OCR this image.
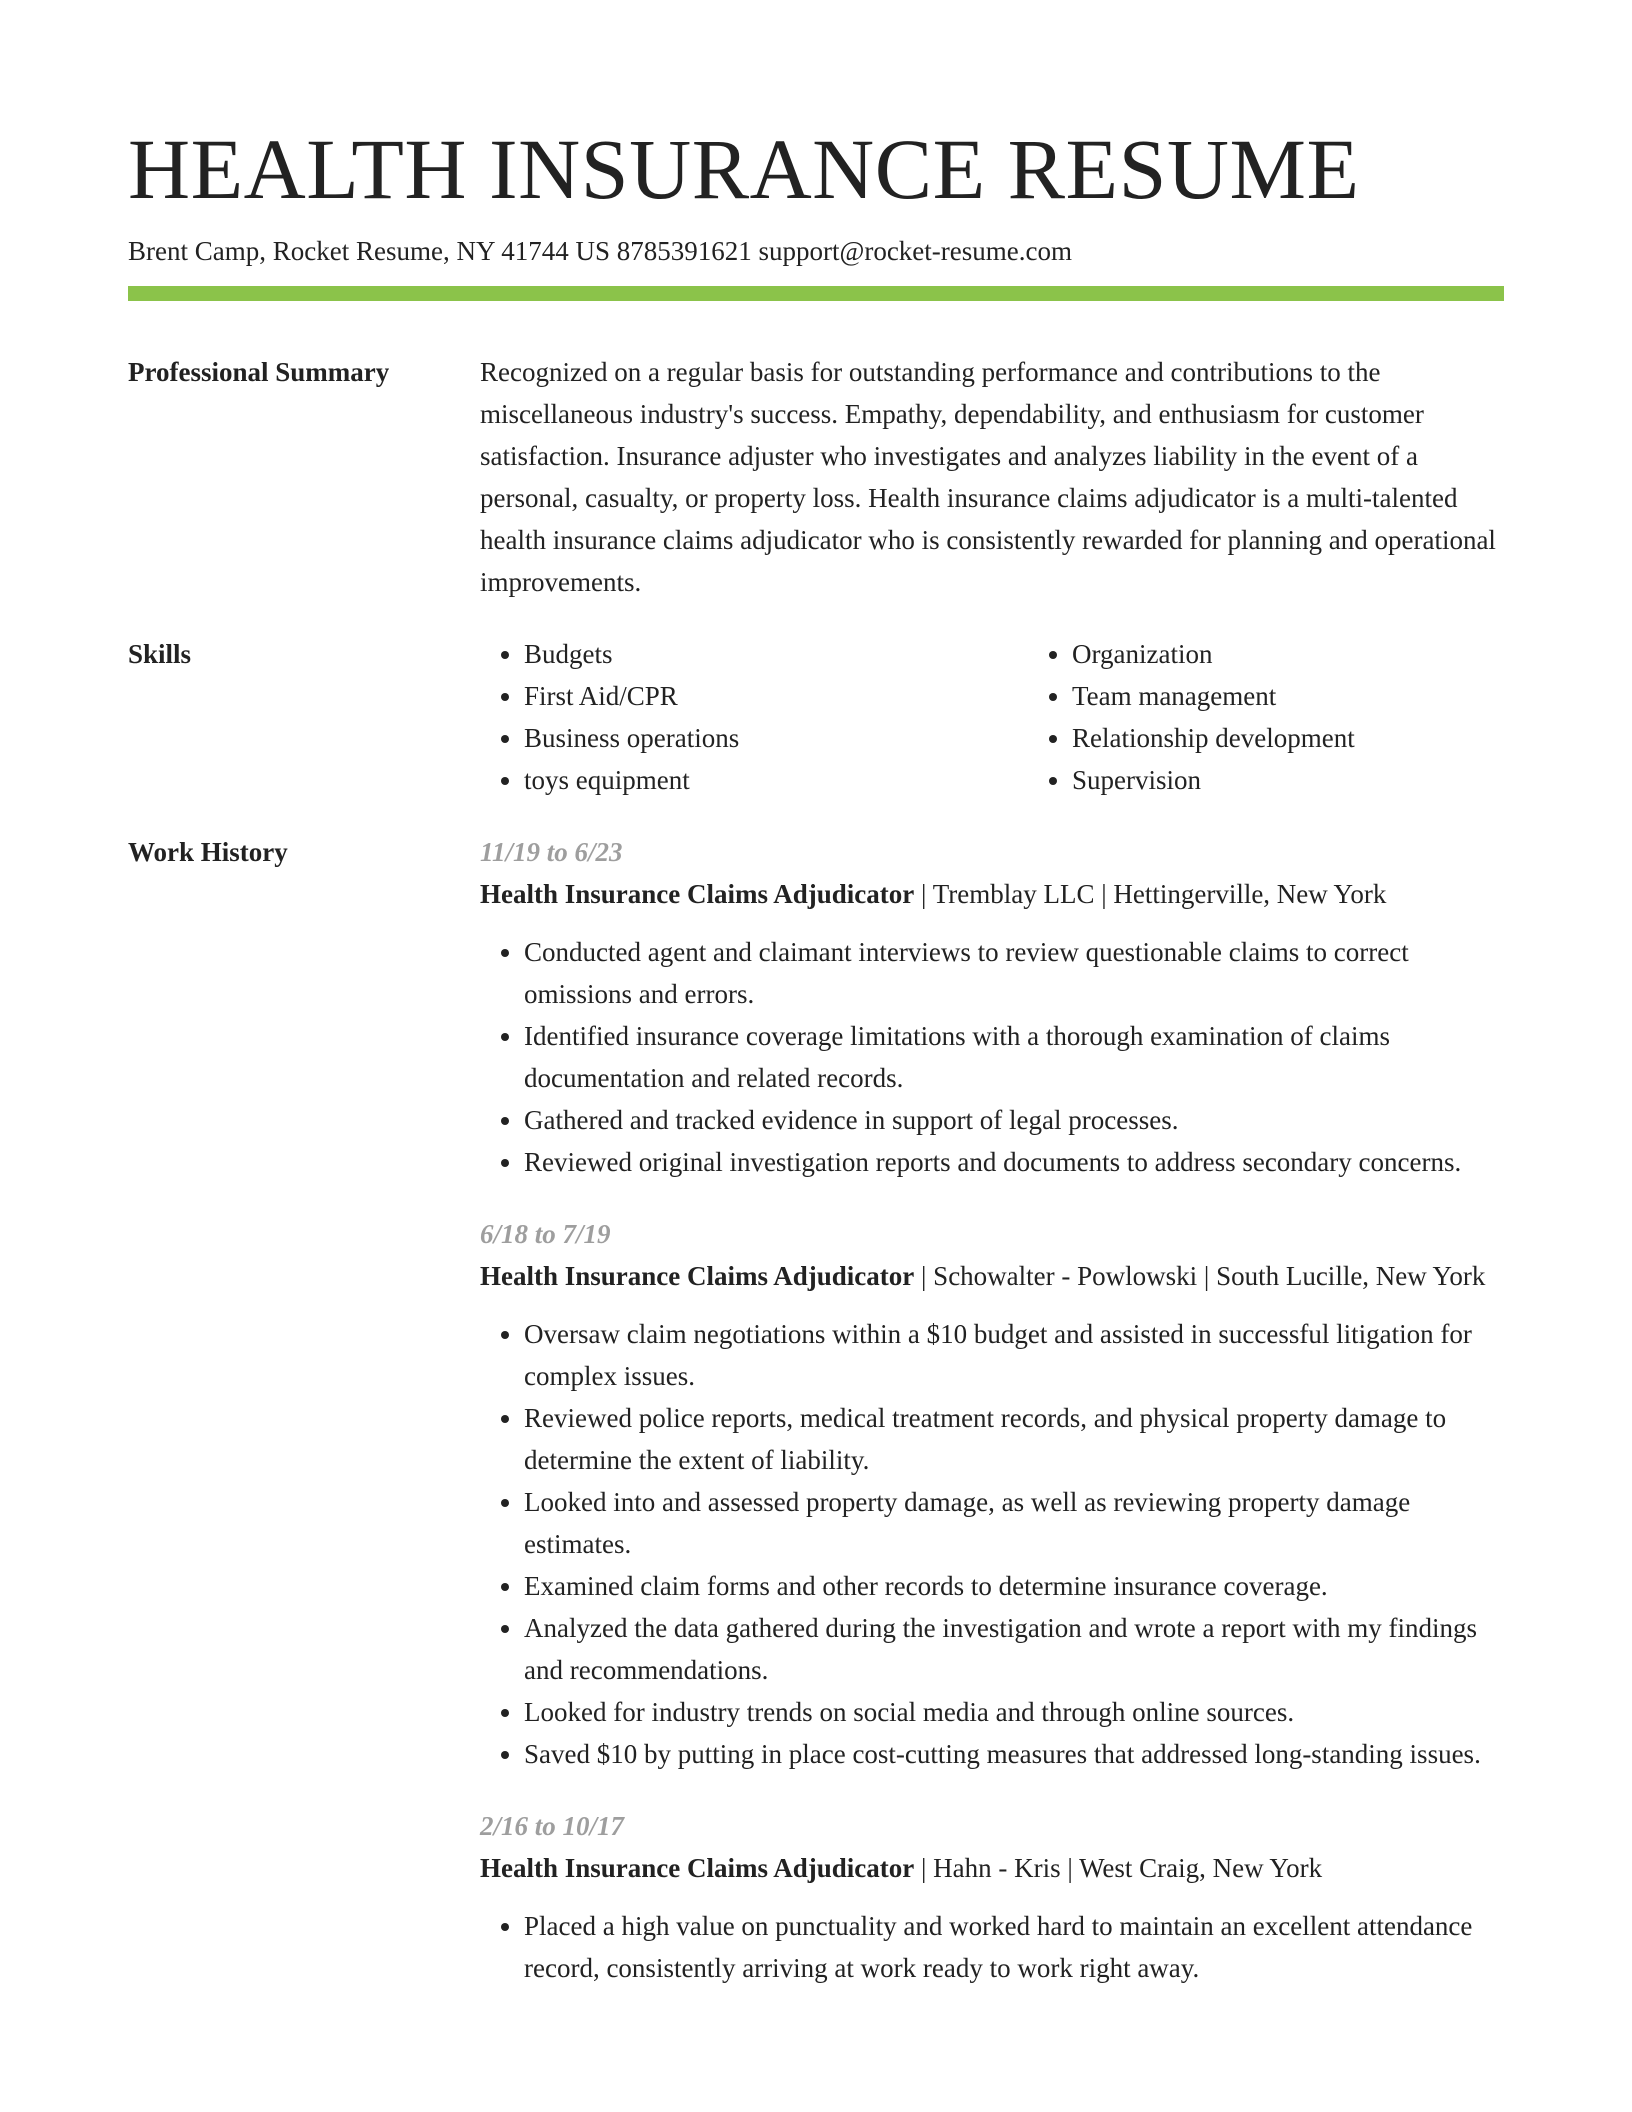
HEALTH INSURANCE RESUME
Brent Camp, Rocket Resume, NY 41744 US 8785391621 support@rocket-resume.com
Professional Summary	Recognized on a regular basis for outstanding performance and contributions to the miscellaneous industry's success. Empathy, dependability, and enthusiasm for customer satisfaction. Insurance adjuster who investigates and analyzes liability in the event of a personal, casualty, or property loss. Health insurance claims adjudicator is a multi-talented health insurance claims adjudicator who is consistently rewarded for planning and operational improvements.

Skills
•	Budgets
• First Aid/CPR
• Business operations
• toys equipment
• Organization
• Team management
• Relationship development
• Supervision
Work History	11/19 to 6/23
Health Insurance Claims Adjudicator | Tremblay LLC | Hettingerville, New York
• Conducted agent and claimant interviews to review questionable claims to correct omissions and errors.
• Identified insurance coverage limitations with a thorough examination of claims documentation and related records.
• Gathered and tracked evidence in support of legal processes.
• Reviewed original investigation reports and documents to address secondary concerns.
6/18 to 7/19
Health Insurance Claims Adjudicator | Schowalter - Powlowski | South Lucille, New York
• Oversaw claim negotiations within a $10 budget and assisted in successful litigation for complex issues.
• Reviewed police reports, medical treatment records, and physical property damage to determine the extent of liability.
• Looked into and assessed property damage, as well as reviewing property damage estimates.
• Examined claim forms and other records to determine insurance coverage.
• Analyzed the data gathered during the investigation and wrote a report with my findings and recommendations.
• Looked for industry trends on social media and through online sources.
• Saved $10 by putting in place cost-cutting measures that addressed long-standing issues.
2/16 to 10/17
Health Insurance Claims Adjudicator | Hahn - Kris | West Craig, New York
• Placed a high value on punctuality and worked hard to maintain an excellent attendance record, consistently arriving at work ready to work right away.
